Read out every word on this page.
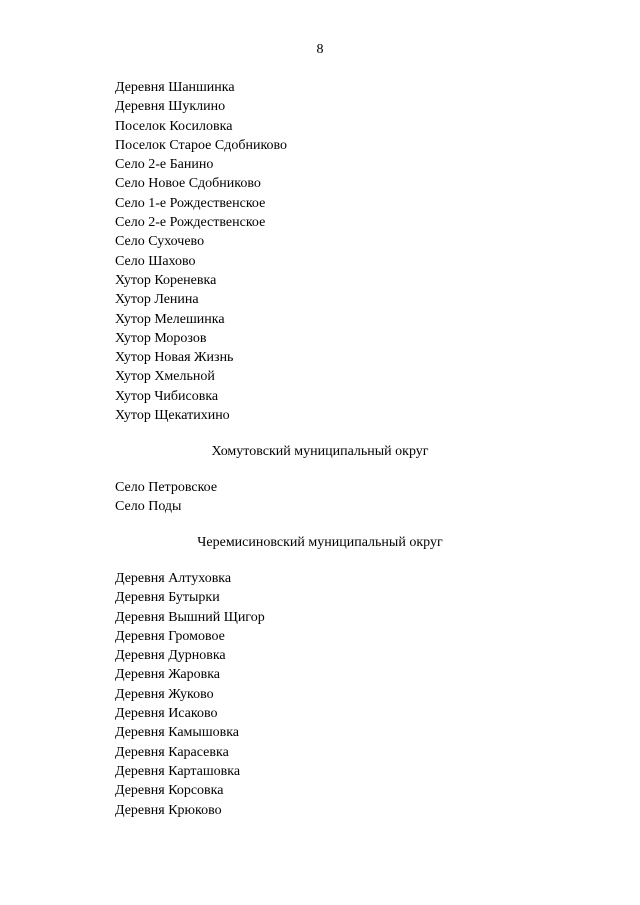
8
Деревня Шаншинка
Деревня Шуклино
Поселок Косиловка
Поселок Старое Сдобниково
Село 2-е Банино
Село Новое Сдобниково
Село 1-е Рождественское
Село 2-е Рождественское
Село Сухочево
Село Шахово
Хутор Кореневка
Хутор Ленина
Хутор Мелешинка
Хутор Морозов
Хутор Новая Жизнь
Хутор Хмельной
Хутор Чибисовка
Хутор Щекатихино
Хомутовский муниципальный округ
Село Петровское
Село Поды
Черемисиновский муниципальный округ
Деревня Алтуховка
Деревня Бутырки
Деревня Вышний Щигор
Деревня Громовое
Деревня Дурновка
Деревня Жаровка
Деревня Жуково
Деревня Исаково
Деревня Камышовка
Деревня Карасевка
Деревня Карташовка
Деревня Корсовка
Деревня Крюково
